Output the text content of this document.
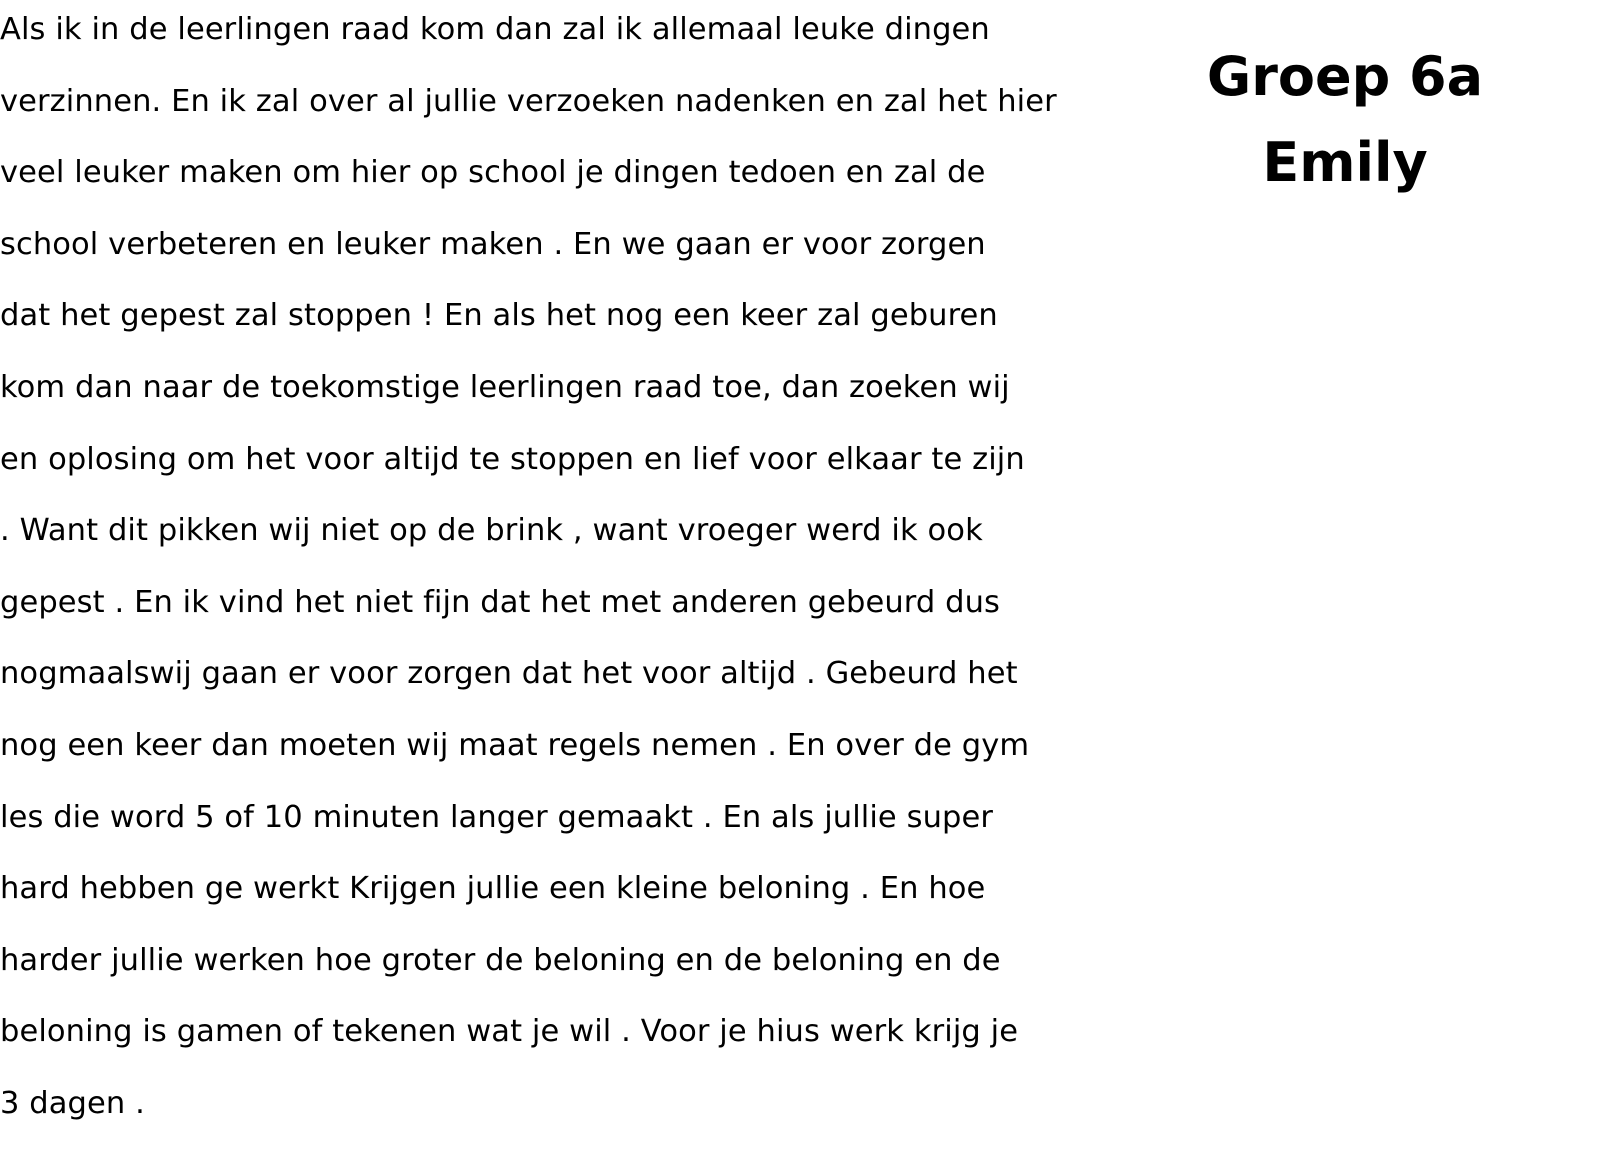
Als ik in de leerlingen raad kom dan zal ik allemaal leuke dingen
verzinnen. En ik zal over al jullie verzoeken nadenken en zal het hier
veel leuker maken om hier op school je dingen tedoen en zal de
school verbeteren en leuker maken . En we gaan er voor zorgen
dat het gepest zal stoppen ! En als het nog een keer zal geburen
kom dan naar de toekomstige leerlingen raad toe, dan zoeken wij
en oplosing om het voor altijd te stoppen en lief voor elkaar te zijn
. Want dit pikken wij niet op de brink , want vroeger werd ik ook
gepest . En ik vind het niet fijn dat het met anderen gebeurd dus
nogmaalswij gaan er voor zorgen dat het voor altijd . Gebeurd het
nog een keer dan moeten wij maat regels nemen . En over de gym
les die word 5 of 10 minuten langer gemaakt . En als jullie super
hard hebben ge werkt Krijgen jullie een kleine beloning . En hoe
harder jullie werken hoe groter de beloning en de beloning en de
beloning is gamen of tekenen wat je wil . Voor je hius werk krijg je
3 dagen .
Groep 6a
Emily
